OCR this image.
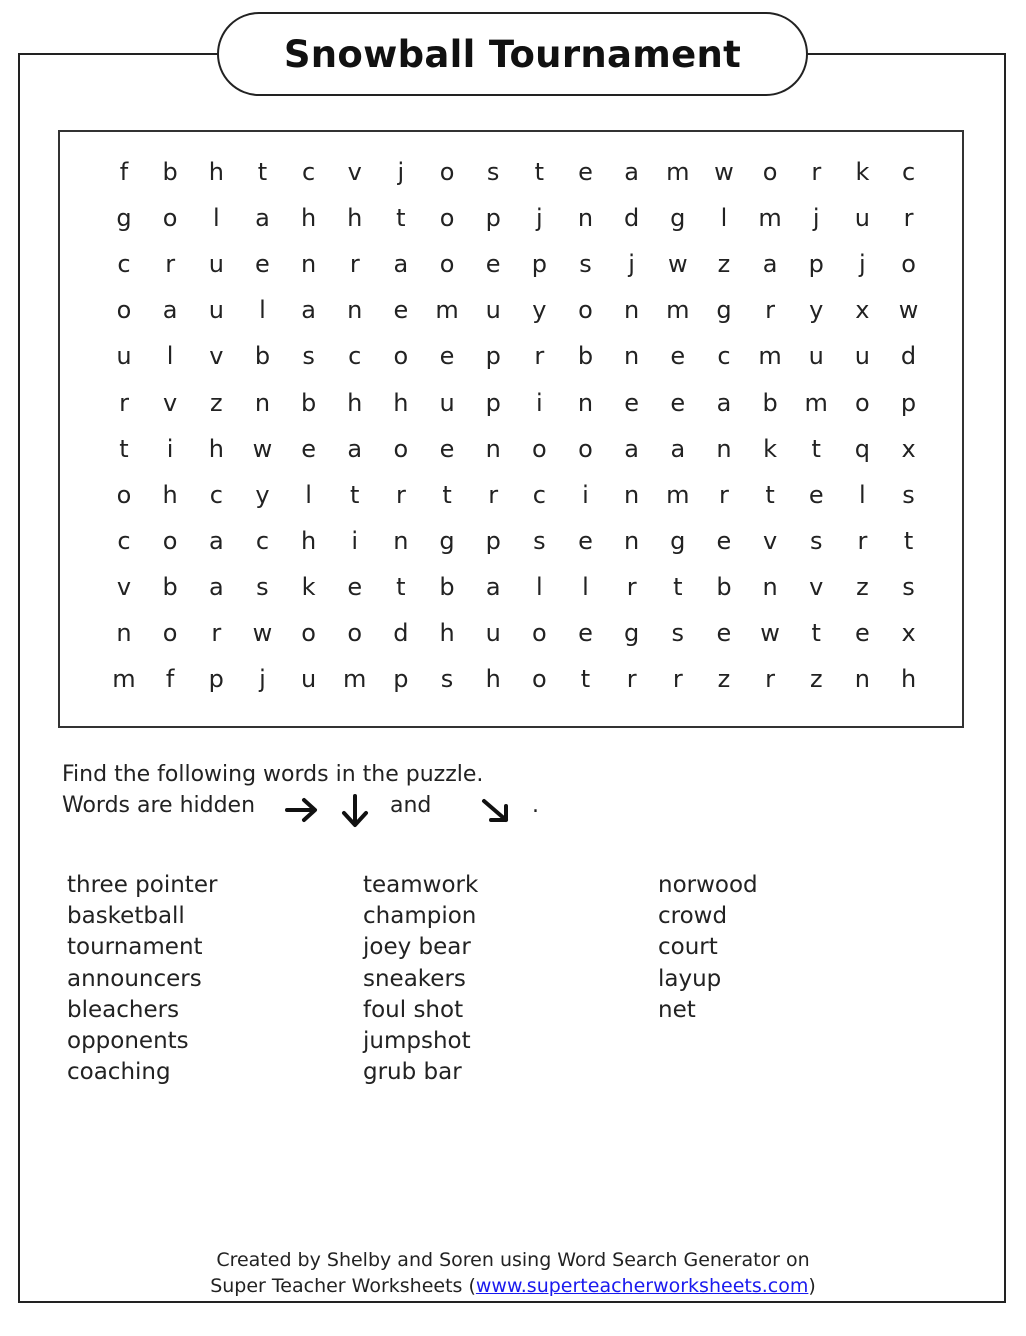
Snowball Tournament
f	b	h	t	c	v	j	o	s	t	e	a	m	w	o	r	k	c
g	o	l	a	h	h	t	o	p	j	n	d	g	l	m	j	u	r
c	r	u	e	n	r	a	o	e	p	s	j	w	z	a	p	j	o
o	a	u	l	a	n	e	m	u	y	o	n	m	g	r	y	x	w
u	l	v	b	s	c	o	e	p	r	b	n	e	c	m	u	u	d
r	v	z	n	b	h	h	u	p	i	n	e	e	a	b	m	o	p
t	i	h	w	e	a	o	e	n	o	o	a	a	n	k	t	q	x
o	h	c	y	l	t	r	t	r	c	i	n	m	r	t	e	l	s
c	o	a	c	h	i	n	g	p	s	e	n	g	e	v	s	r	t
v	b	a	s	k	e	t	b	a	l	l	r	t	b	n	v	z	s
n	o	r	w	o	o	d	h	u	o	e	g	s	e	w	t	e	x
m	f	p	j	u	m	p	s	h	o	t	r	r	z	r	z	n	h
Find the following words in the puzzle.
Words are hidden	and	.
three pointer
basketball
tournament
announcers
bleachers
opponents
coaching
teamwork
champion
joey bear
sneakers
foul shot
jumpshot
grub bar
norwood
crowd
court
layup
net
Created by Shelby and Soren using Word Search Generator on
Super Teacher Worksheets (www.superteacherworksheets.com)
